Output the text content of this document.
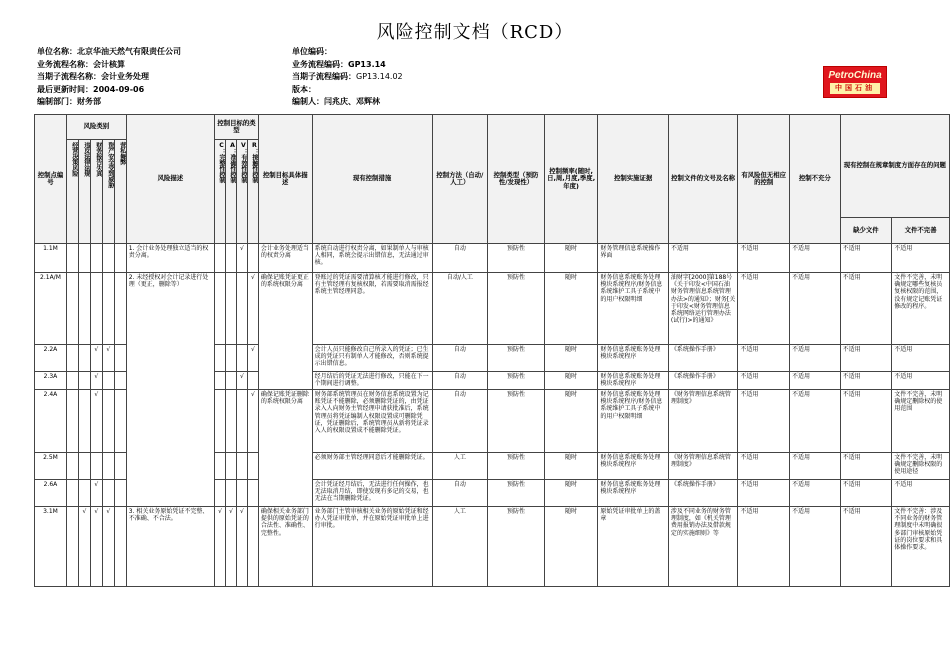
风险控制文档（RCD）
单位名称：北京华油天然气有限责任公司
业务流程名称：会计核算
当期子流程名称：会计业务处理
最后更新时间：2004-09-06
编制部门：财务部
单位编码：
业务流程编码：GP13.14
当期子流程编码：GP13.14.02
版本：
编制人：闫兆庆、邓辉林
PetroChina
中国石油
控制点编号	风险类别					风险描述	控制目标的类型				控制目标具体描述	现有控制措施	控制方法（自动/人工）	控制类型（预防性/发现性）	控制频率(随时,日,周,月度,季度,年度)	控制实施证据	控制文件的文号及名称	有风险但无相应的控制	控制不充分	现有控制在规章制度方面存在的问题	
	经营决策风险	违反法律法规	财务报告失真	资产安全受到威胁	营私舞弊		C：完整性控制	A：准确性控制	V：有效性控制	R：接触性控制											
																				缺少文件	文件不完善
1.1M						1. 会计业务处理独立适当的权责分离。			√		会计业务处理适当的权责分离	系统自动进行权责分离，如果制单人与审核人相同，系统会提示出错信息，无法通过审核。	自动	预防性	随时	财务管理信息系统操作界面	不适用	不适用	不适用	不适用	不适用
2.1A/M						2. 未经授权对会计记录进行处理（更正，删除等）				√	确保记账凭证更正的系统权限分离	登账过的凭证需要清算核才能进行修改，只有主管经理有复核权限，若需要取消需报经系统主管经理同意。	自动/人工	预防性	随时	财务信息系统账务处理模块系统程序/财务信息系统维护工具子系统中的用户权限明细	油财字[2000]第188号《关于印发<中国石油财务管理信息系统管理办法>的通知》；财务[关于印发<财务管理信息系统网络运行管理办法(试行)>的通知》	不适用	不适用	不适用	文件不完善，未明确规定哪些复核员复核权限的范围，没有规定记账凭证修改的程序。
2.2A			√	√						√		会计人员只能修改自己所录入的凭证；已生成的凭证只有制单人才能修改，否则系统提示出错信息。	自动	预防性	随时	财务信息系统账务处理模块系统程序	《系统操作手册》	不适用	不适用	不适用	不适用
2.3A			√						√			经月结后的凭证无法进行修改，只能在下一个期间进行调整。	自动	预防性	随时	财务信息系统账务处理模块系统程序	《系统操作手册》	不适用	不适用	不适用	不适用
2.4A			√							√	确保记账凭证删除的系统权限分离	财务部系统管理员在财务信息系统设置为记账凭证不能删除，必须删除凭证的，由凭证录入人向财务主管经理申请获批准后，系统管理员将凭证编制人权限设置成可删除凭证，凭证删除后，系统管理员从新将凭证录入人的权限设置成不能删除凭证。	自动	预防性	随时	财务信息系统账务处理模块系统程序/财务信息系统维护工具子系统中的用户权限明细	《财务管理信息系统管理制度》	不适用	不适用	不适用	文件不完善，未明确规定删除权的使用范围
2.5M												必须财务部主管经理同意后才能删除凭证。	人工	预防性	随时	财务信息系统账务处理模块系统程序	《财务管理信息系统管理制度》	不适用	不适用	不适用	文件不完善，未明确规定删除权限的使用途径
2.6A			√									会计凭证经月结后，无法进行任何操作，也无法取消月结，即使发现有多记的交易，也无法在当期删除凭证。	自动	预防性	随时	财务信息系统账务处理模块系统程序	《系统操作手册》	不适用	不适用	不适用	不适用
3.1M		√	√	√		3. 相关业务原始凭证不完整、不准确、不合法。	√	√	√		确保相关业务部门提供的原始凭证的合法性、准确性、完整性。	业务部门主管审核相关业务的原始凭证和经办人凭证审批单，并在原始凭证审批单上进行审批。	人工	预防性	随时	原始凭证审批单上的盖章	涉及不同业务的财务管理制度，如《机关管理费用报销办法及借款规定的实施细则》等	不适用	不适用	不适用	文件不完善：涉及不同业务的财务管理制度中未明确很多部门审核原始凭证的岗位要求和具体操作要求。
